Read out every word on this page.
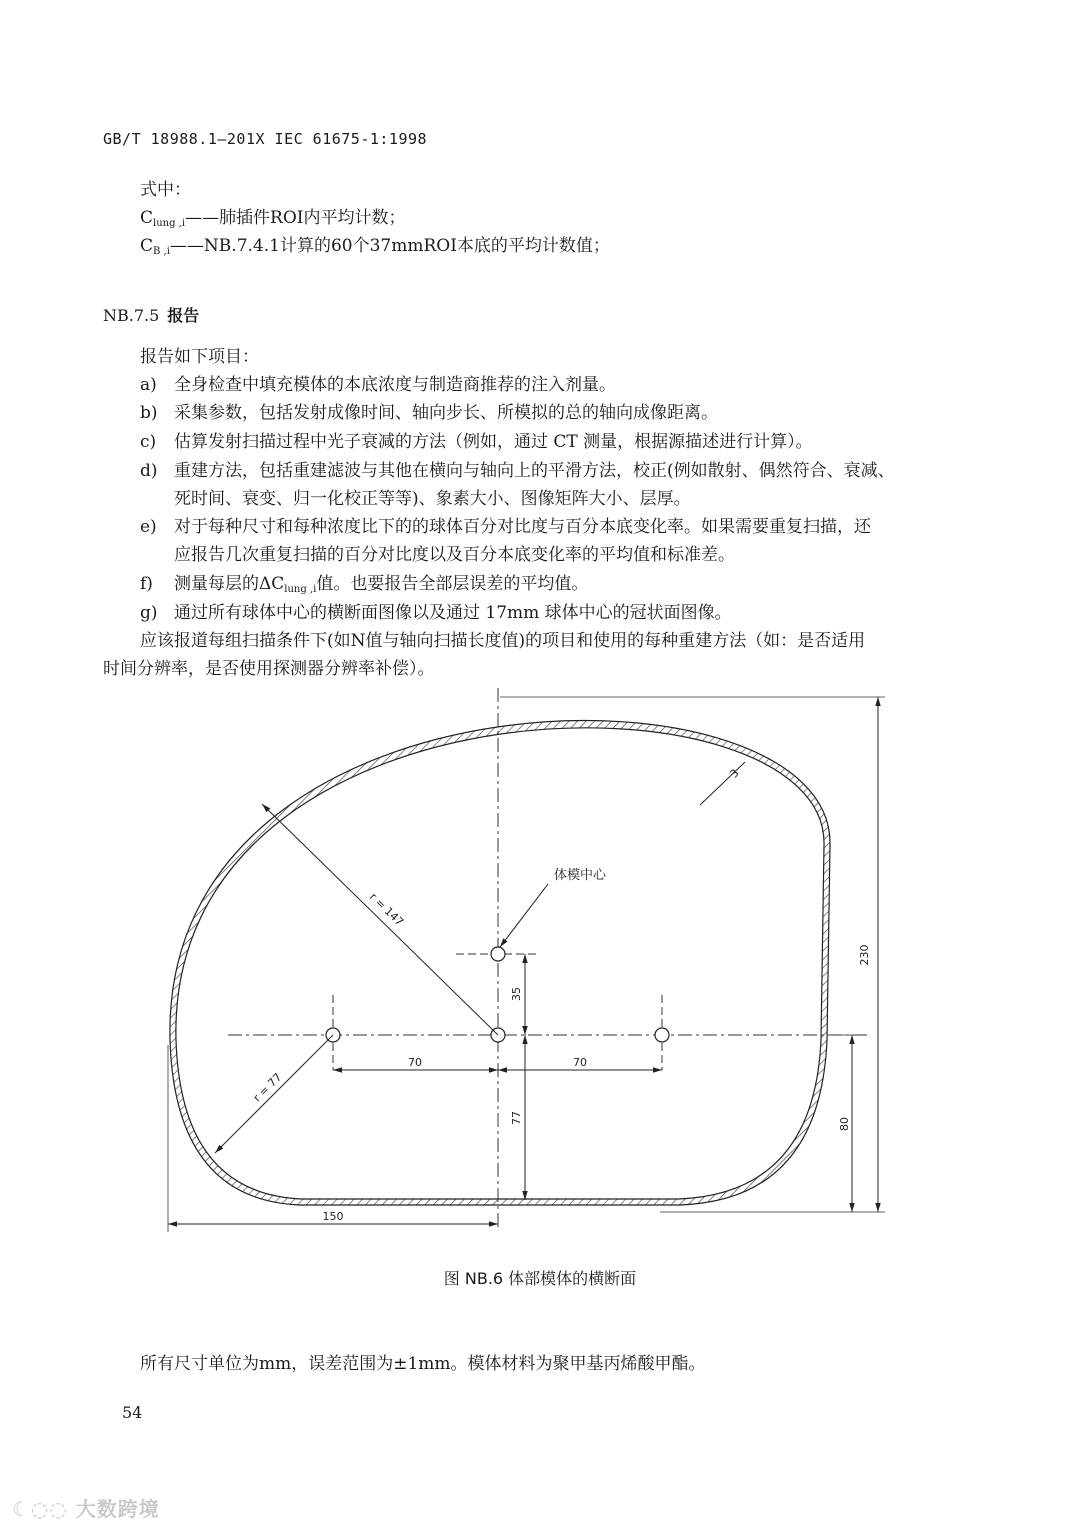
GB/T 18988.1—201X IEC 61675-1:1998
式中：
$C_{lung ,i}——$肺插件ROI内平均计数；
$C_{B ,i}——NB.7.4.1$计算的60个37mmROI本底的平均计数值；
NB.7.5 报告
报告如下项目：
a) 全身检查中填充模体的本底浓度与制造商推荐的注入剂量。
b) 采集参数，包括发射成像时间、轴向步长、所模拟的总的轴向成像距离。
c) 估算发射扫描过程中光子衰减的方法（例如，通过 CT 测量，根据源描述进行计算）。
d) 重建方法，包括重建滤波与其他在横向与轴向上的平滑方法，校正(例如散射、偶然符合、衰减、
死时间、衰变、归一化校正等等)、象素大小、图像矩阵大小、层厚。
e) 对于每种尺寸和每种浓度比下的的球体百分对比度与百分本底变化率。如果需要重复扫描，还
应报告几次重复扫描的百分对比度以及百分本底变化率的平均值和标准差。
f) 测量每层的$\Delta C_{lung ,i}$值。也要报告全部层误差的平均值。
g) 通过所有球体中心的横断面图像以及通过 17mm 球体中心的冠状面图像。
应该报道每组扫描条件下(如N值与轴向扫描长度值)的项目和使用的每种重建方法（如：是否适用
时间分辨率，是否使用探测器分辨率补偿）。
r = 147
r = 77
体模中心
3
230
80
35
77
70	70
150
图 NB.6 体部模体的横断面
所有尺寸单位为mm，误差范围为±1mm。模体材料为聚甲基丙烯酸甲酯。
54
☾◌◌ 大数跨境
